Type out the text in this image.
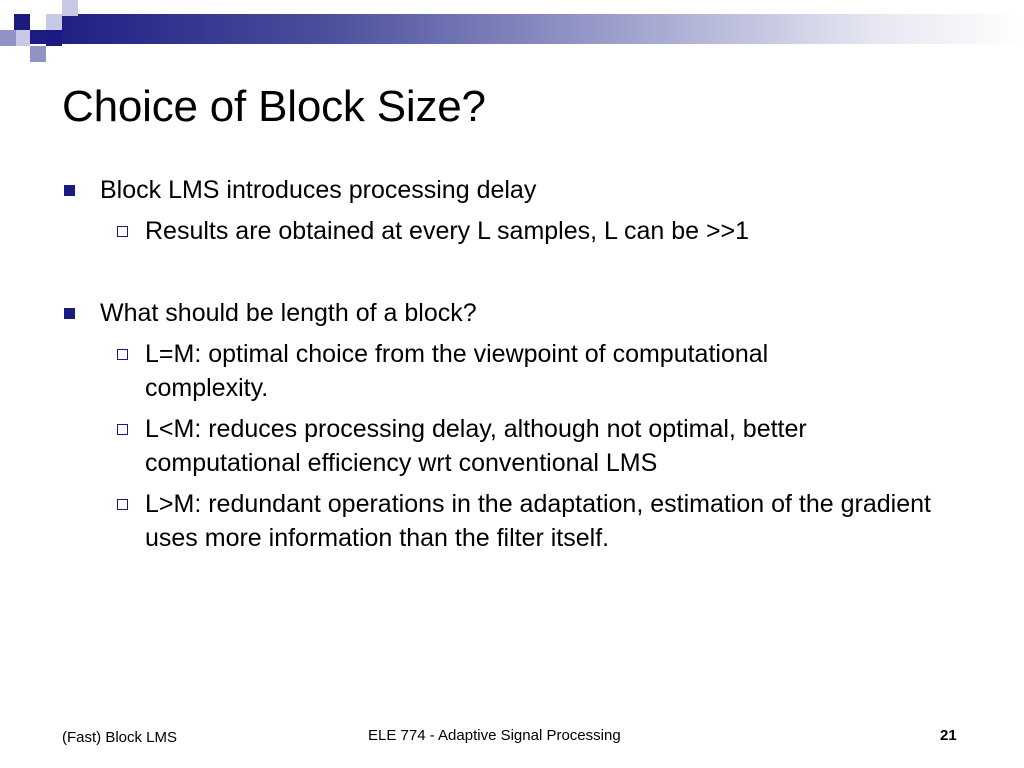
Choice of Block Size?
Block LMS introduces processing delay
Results are obtained at every L samples, L can be >>1
What should be length of a block?
L=M: optimal choice from the viewpoint of computational complexity.
L<M: reduces processing delay, although not optimal, better computational efficiency wrt conventional LMS
L>M: redundant operations in the adaptation, estimation of the gradient uses more information than the filter itself.
(Fast) Block LMS	ELE 774 - Adaptive Signal Processing	21
